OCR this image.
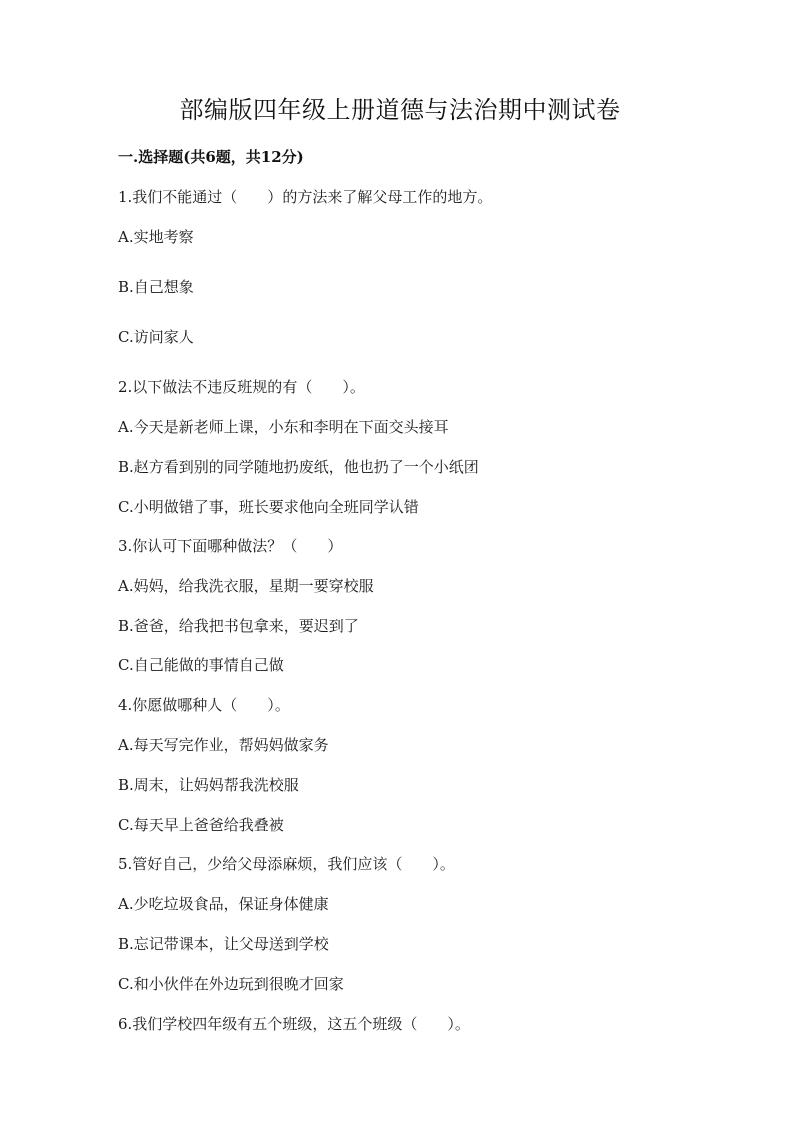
部编版四年级上册道德与法治期中测试卷
一.选择题(共6题，共12分)
1.我们不能通过（　　）的方法来了解父母工作的地方。
A.实地考察
B.自己想象
C.访问家人
2.以下做法不违反班规的有（　　）。
A.今天是新老师上课，小东和李明在下面交头接耳
B.赵方看到别的同学随地扔废纸，他也扔了一个小纸团
C.小明做错了事，班长要求他向全班同学认错
3.你认可下面哪种做法？（　　）
A.妈妈，给我洗衣服，星期一要穿校服
B.爸爸，给我把书包拿来，要迟到了
C.自己能做的事情自己做
4.你愿做哪种人（　　）。
A.每天写完作业，帮妈妈做家务
B.周末，让妈妈帮我洗校服
C.每天早上爸爸给我叠被
5.管好自己，少给父母添麻烦，我们应该（　　）。
A.少吃垃圾食品，保证身体健康
B.忘记带课本，让父母送到学校
C.和小伙伴在外边玩到很晚才回家
6.我们学校四年级有五个班级，这五个班级（　　）。
